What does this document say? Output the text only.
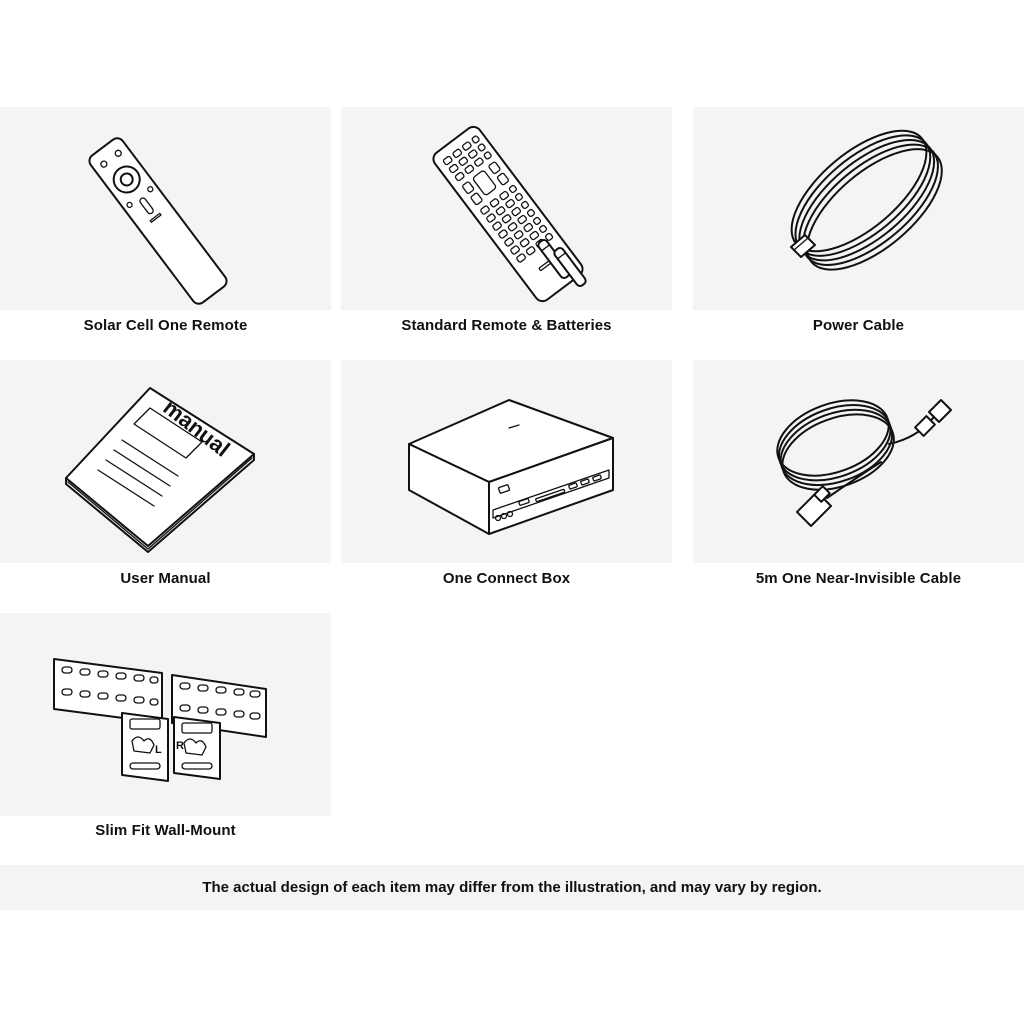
Solar Cell One Remote	Standard Remote & Batteries	Power Cable
manual
User Manual	One Connect Box	5m One Near-Invisible Cable
L R
Slim Fit Wall-Mount
The actual design of each item may differ from the illustration, and may vary by region.
